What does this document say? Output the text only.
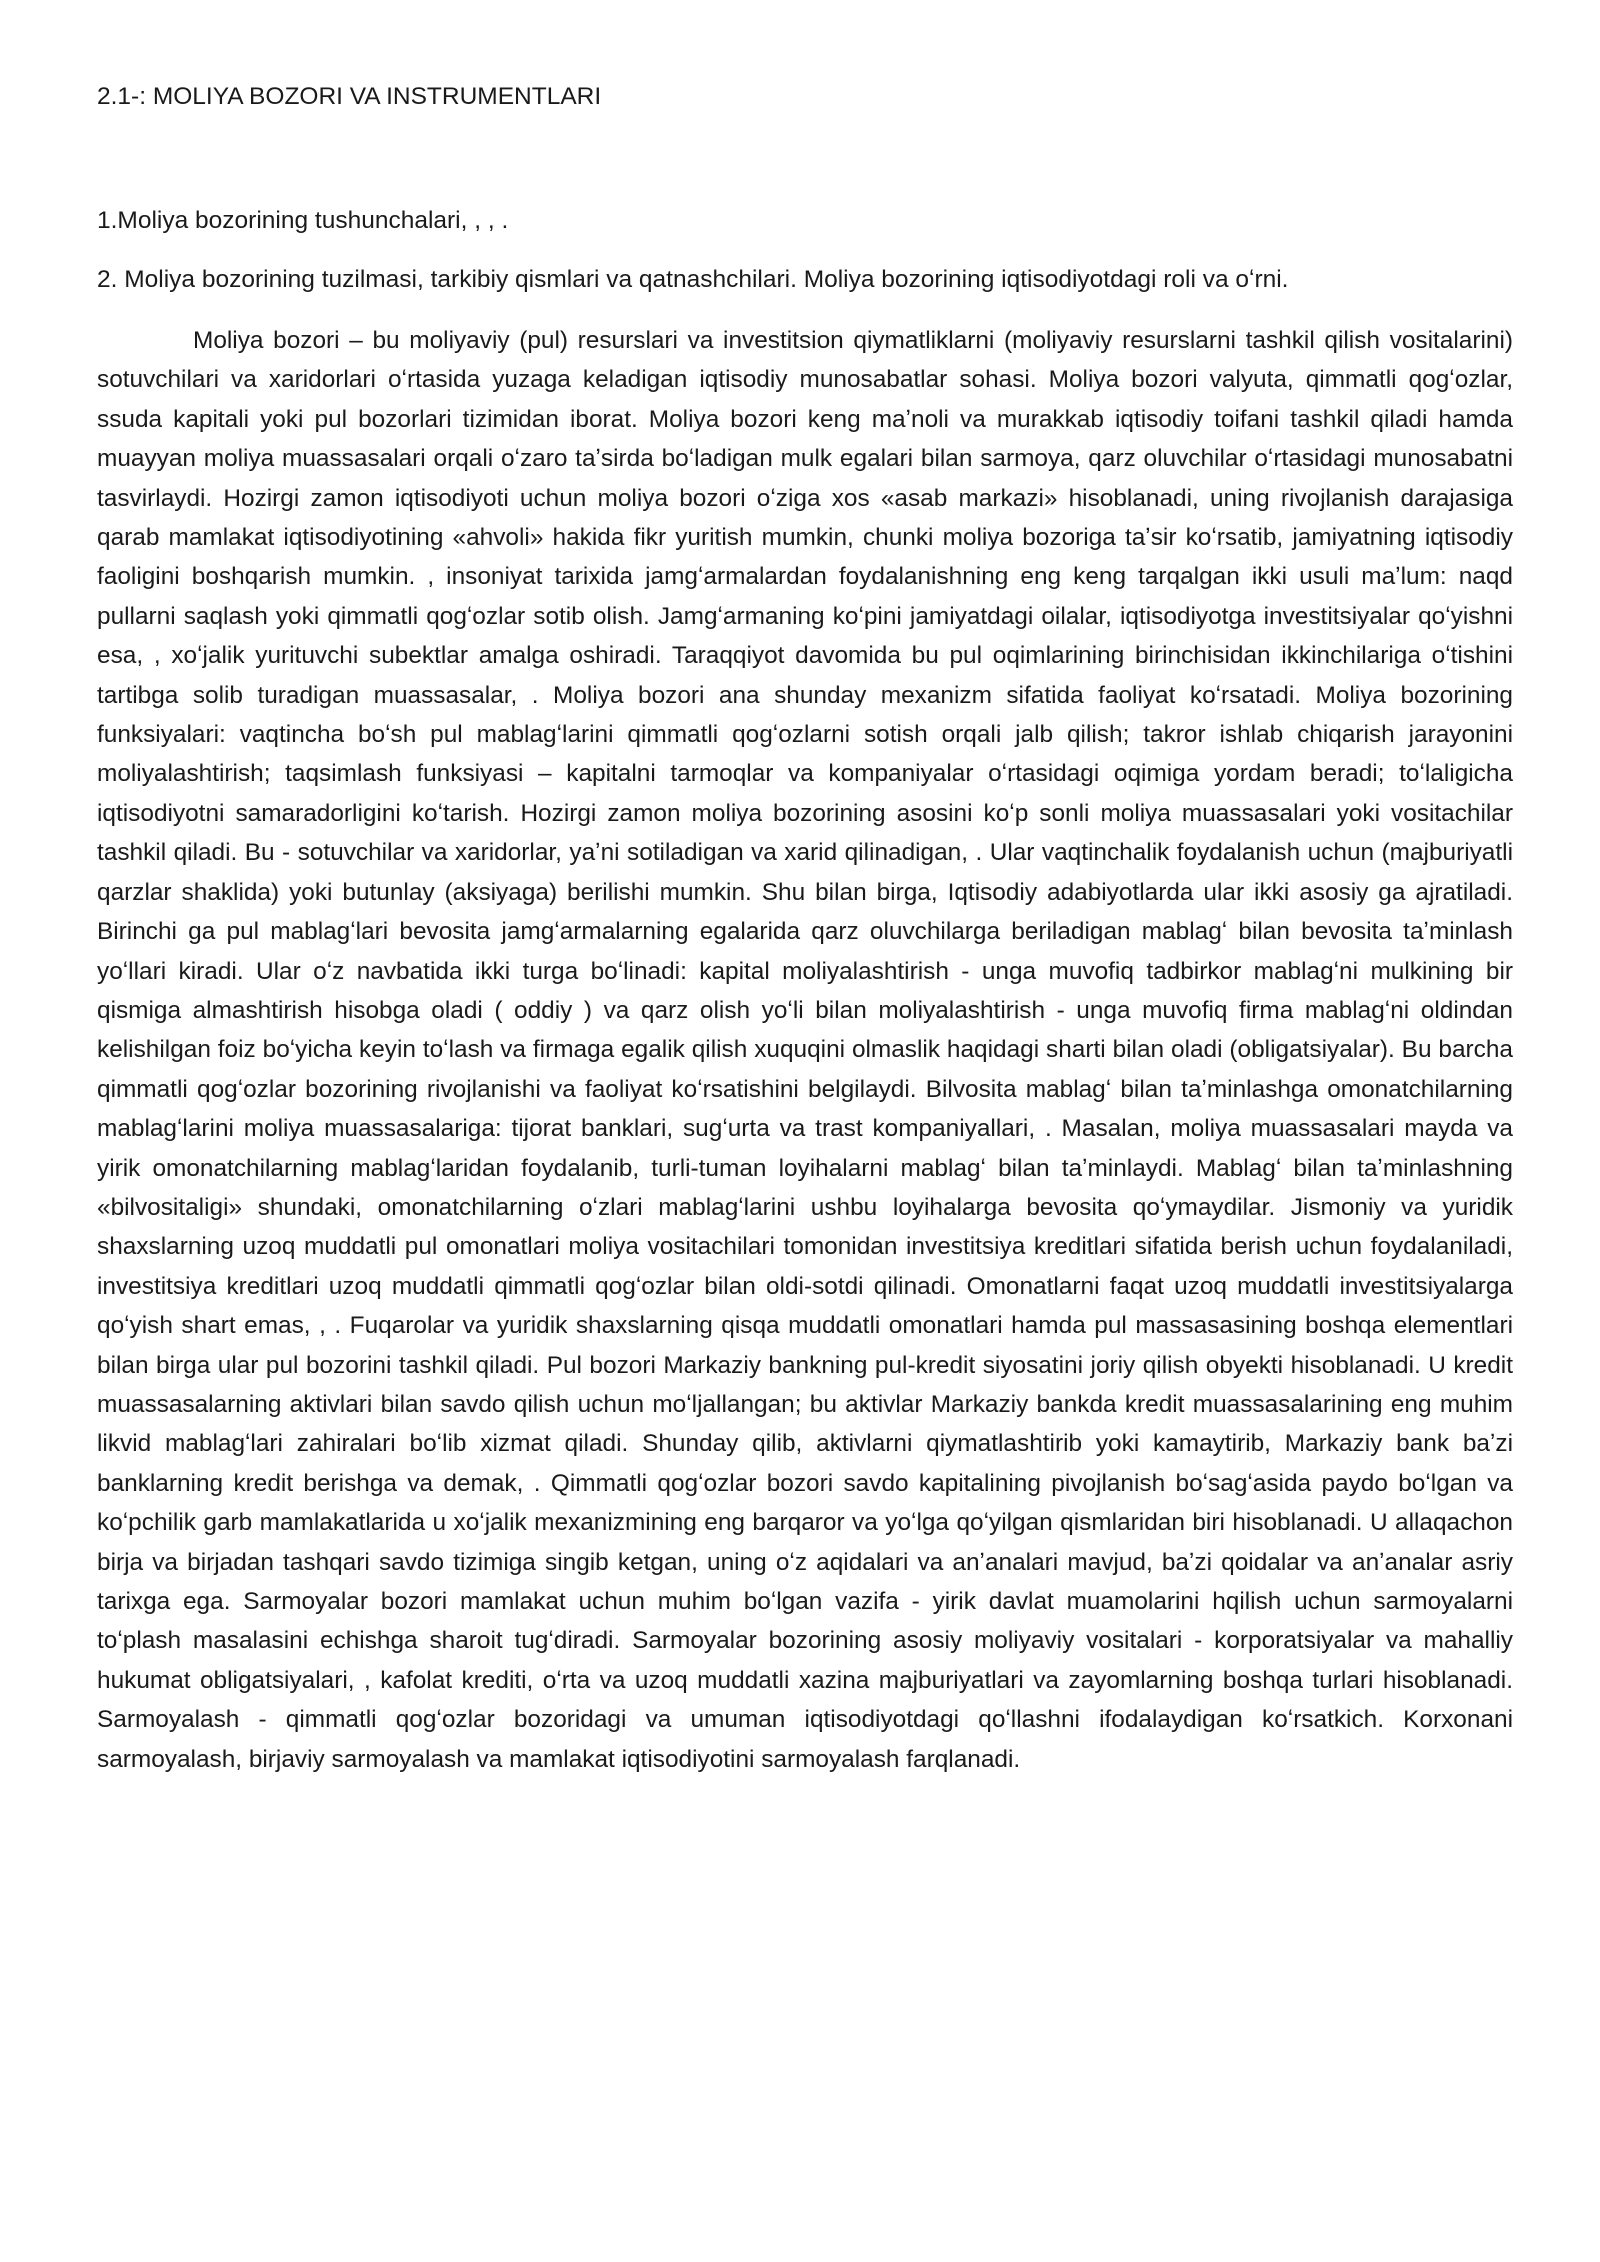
2.1-: MOLIYA BOZORI VA INSTRUMENTLARI

1.Moliya bozorining tushunchalari, , , .

2. Moliya bozorining tuzilmasi, tarkibiy qismlari va qatnashchilari. Moliya bozorining iqtisodiyotdagi roli va oʻrni.

Moliya bozori – bu moliyaviy (pul) resurslari va investitsion qiymatliklarni (moliyaviy resurslarni tashkil qilish vositalarini) sotuvchilari va xaridorlari oʻrtasida yuzaga keladigan iqtisodiy munosabatlar sohasi. Moliya bozori valyuta, qimmatli qogʻozlar, ssuda kapitali yoki pul bozorlari tizimidan iborat. Moliya bozori keng maʼnoli va murakkab iqtisodiy toifani tashkil qiladi hamda muayyan moliya muassasalari orqali oʻzaro taʼsirda boʻladigan mulk egalari bilan sarmoya, qarz oluvchilar oʻrtasidagi munosabatni tasvirlaydi. Hozirgi zamon iqtisodiyoti uchun moliya bozori oʻziga xos «asab markazi» hisoblanadi, uning rivojlanish darajasiga qarab mamlakat iqtisodiyotining «ahvoli» hakida fikr yuritish mumkin, chunki moliya bozoriga taʼsir koʻrsatib, jamiyatning iqtisodiy faoligini boshqarish mumkin. , insoniyat tarixida jamgʻarmalardan foydalanishning eng keng tarqalgan ikki usuli maʼlum: naqd pullarni saqlash yoki qimmatli qogʻozlar sotib olish. Jamgʻarmaning koʻpini jamiyatdagi oilalar, iqtisodiyotga investitsiyalar qoʻyishni esa, , xoʻjalik yurituvchi subektlar amalga oshiradi. Taraqqiyot davomida bu pul oqimlarining birinchisidan ikkinchilariga oʻtishini tartibga solib turadigan muassasalar, . Moliya bozori ana shunday mexanizm sifatida faoliyat koʻrsatadi. Moliya bozorining funksiyalari: vaqtincha boʻsh pul mablagʻlarini qimmatli qogʻozlarni sotish orqali jalb qilish; takror ishlab chiqarish jarayonini moliyalashtirish; taqsimlash funksiyasi – kapitalni tarmoqlar va kompaniyalar oʻrtasidagi oqimiga yordam beradi; toʻlaligicha iqtisodiyotni samaradorligini koʻtarish. Hozirgi zamon moliya bozorining asosini koʻp sonli moliya muassasalari yoki vositachilar tashkil qiladi. Bu - sotuvchilar va xaridorlar, yaʼni sotiladigan va xarid qilinadigan, . Ular vaqtinchalik foydalanish uchun (majburiyatli qarzlar shaklida) yoki butunlay (aksiyaga) berilishi mumkin. Shu bilan birga, Iqtisodiy adabiyotlarda ular ikki asosiy ga ajratiladi. Birinchi ga pul mablagʻlari bevosita jamgʻarmalarning egalarida qarz oluvchilarga beriladigan mablagʻ bilan bevosita taʼminlash yoʻllari kiradi. Ular oʻz navbatida ikki turga boʻlinadi: kapital moliyalashtirish - unga muvofiq tadbirkor mablagʻni mulkining bir qismiga almashtirish hisobga oladi ( oddiy ) va qarz olish yoʻli bilan moliyalashtirish - unga muvofiq firma mablagʻni oldindan kelishilgan foiz boʻyicha keyin toʻlash va firmaga egalik qilish xuquqini olmaslik haqidagi sharti bilan oladi (obligatsiyalar). Bu barcha qimmatli qogʻozlar bozorining rivojlanishi va faoliyat koʻrsatishini belgilaydi. Bilvosita mablagʻ bilan taʼminlashga omonatchilarning mablagʻlarini moliya muassasalariga: tijorat banklari, sugʻurta va trast kompaniyallari, . Masalan, moliya muassasalari mayda va yirik omonatchilarning mablagʻlaridan foydalanib, turli-tuman loyihalarni mablagʻ bilan taʼminlaydi. Mablagʻ bilan taʼminlashning «bilvositaligi» shundaki, omonatchilarning oʻzlari mablagʻlarini ushbu loyihalarga bevosita qoʻymaydilar. Jismoniy va yuridik shaxslarning uzoq muddatli pul omonatlari moliya vositachilari tomonidan investitsiya kreditlari sifatida berish uchun foydalaniladi, investitsiya kreditlari uzoq muddatli qimmatli qogʻozlar bilan oldi-sotdi qilinadi. Omonatlarni faqat uzoq muddatli investitsiyalarga qoʻyish shart emas, , . Fuqarolar va yuridik shaxslarning qisqa muddatli omonatlari hamda pul massasasining boshqa elementlari bilan birga ular pul bozorini tashkil qiladi. Pul bozori Markaziy bankning pul-kredit siyosatini joriy qilish obyekti hisoblanadi. U kredit muassasalarning aktivlari bilan savdo qilish uchun moʻljallangan; bu aktivlar Markaziy bankda kredit muassasalarining eng muhim likvid mablagʻlari zahiralari boʻlib xizmat qiladi. Shunday qilib, aktivlarni qiymatlashtirib yoki kamaytirib, Markaziy bank baʼzi banklarning kredit berishga va demak, . Qimmatli qogʻozlar bozori savdo kapitalining pivojlanish boʻsagʻasida paydo boʻlgan va koʻpchilik garb mamlakatlarida u xoʻjalik mexanizmining eng barqaror va yoʻlga qoʻyilgan qismlaridan biri hisoblanadi. U allaqachon birja va birjadan tashqari savdo tizimiga singib ketgan, uning oʻz aqidalari va anʼanalari mavjud, baʼzi qoidalar va anʼanalar asriy tarixga ega. Sarmoyalar bozori mamlakat uchun muhim boʻlgan vazifa - yirik davlat muamolarini hqilish uchun sarmoyalarni toʻplash masalasini echishga sharoit tugʻdiradi. Sarmoyalar bozorining asosiy moliyaviy vositalari - korporatsiyalar va mahalliy hukumat obligatsiyalari, , kafolat krediti, oʻrta va uzoq muddatli xazina majburiyatlari va zayomlarning boshqa turlari hisoblanadi. Sarmoyalash - qimmatli qogʻozlar bozoridagi va umuman iqtisodiyotdagi qoʻllashni ifodalaydigan koʻrsatkich. Korxonani sarmoyalash, birjaviy sarmoyalash va mamlakat iqtisodiyotini sarmoyalash farqlanadi.
